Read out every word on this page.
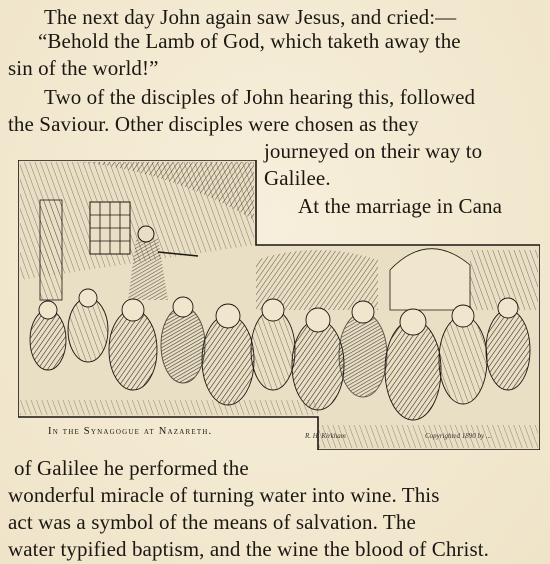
The next day John again saw Jesus, and cried:—
“Behold the Lamb of God, which taketh away the
sin of the world!”
Two of the disciples of John hearing this, followed
the Saviour. Other disciples were chosen as they
journeyed on their way to
Galilee.
At the marriage in Cana
In the Synagogue at Nazareth.	R. H. Kirkham	Copyrighted 1890 by ...
of Galilee he performed the
wonderful miracle of turning water into wine. This
act was a symbol of the means of salvation. The
water typified baptism, and the wine the blood of Christ.
